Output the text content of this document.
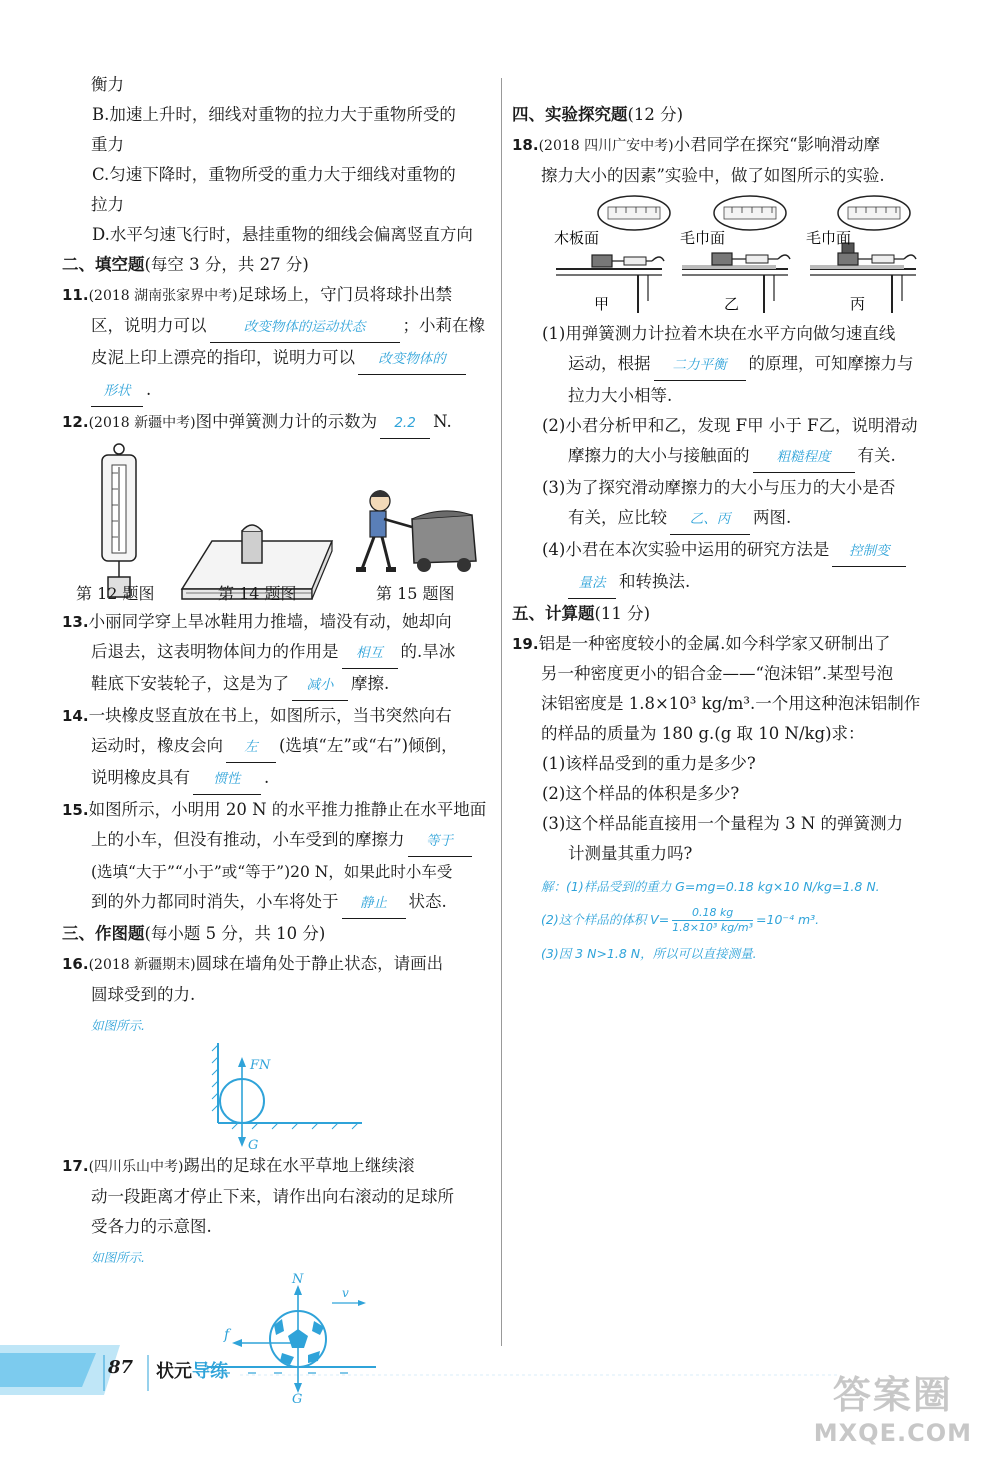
衡力
B.加速上升时，细线对重物的拉力大于重物所受的
重力
C.匀速下降时，重物所受的重力大于细线对重物的
拉力
D.水平匀速飞行时，悬挂重物的细线会偏离竖直方向
二、填空题(每空 3 分，共 27 分)
11.(2018 湖南张家界中考)足球场上，守门员将球扑出禁
区，说明力可以	改变物体的运动状态 ；小莉在橡
皮泥上印上漂亮的指印，说明力可以 改变物体的
形状 .
12.(2018 新疆中考)图中弹簧测力计的示数为 2.2 N.
第 12 题图	第 14 题图	第 15 题图
13.小丽同学穿上旱冰鞋用力推墙，墙没有动，她却向
后退去，这表明物体间力的作用是 相互 的.旱冰
鞋底下安装轮子，这是为了 减小 摩擦.
14.一块橡皮竖直放在书上，如图所示，当书突然向右
运动时，橡皮会向 左 (选填“左”或“右”)倾倒，
说明橡皮具有 惯性 .
15.如图所示，小明用 20 N 的水平推力推静止在水平地面
上的小车，但没有推动，小车受到的摩擦力 等于
(选填“大于”“小于”或“等于”)20 N，如果此时小车受
到的外力都同时消失，小车将处于 静止 状态.
三、作图题(每小题 5 分，共 10 分)
16.(2018 新疆期末)圆球在墙角处于静止状态，请画出
圆球受到的力.
如图所示.
FN
G
17.(四川乐山中考)踢出的足球在水平草地上继续滚
动一段距离才停止下来，请作出向右滚动的足球所
受各力的示意图.
如图所示.
N
v
f
G
四、实验探究题(12 分)
18.(2018 四川广安中考)小君同学在探究“影响滑动摩
擦力大小的因素”实验中，做了如图所示的实验.
木板面	毛巾面	毛巾面
甲	乙	丙
(1)用弹簧测力计拉着木块在水平方向做匀速直线
运动，根据 二力平衡 的原理，可知摩擦力与
拉力大小相等.
(2)小君分析甲和乙，发现 F甲 小于 F乙，说明滑动
摩擦力的大小与接触面的 粗糙程度 有关.
(3)为了探究滑动摩擦力的大小与压力的大小是否
有关，应比较 乙、丙 两图.
(4)小君在本次实验中运用的研究方法是 控制变
量法 和转换法.
五、计算题(11 分)
19.铝是一种密度较小的金属.如今科学家又研制出了
另一种密度更小的铝合金——“泡沫铝”.某型号泡
沫铝密度是 1.8×10³ kg/m³.一个用这种泡沫铝制作
的样品的质量为 180 g.(g 取 10 N/kg)求：
(1)该样品受到的重力是多少?
(2)这个样品的体积是多少?
(3)这个样品能直接用一个量程为 3 N 的弹簧测力
计测量其重力吗?
解：(1)样品受到的重力 G=mg=0.18 kg×10 N/kg=1.8 N.
(2)这个样品的体积 V= 0.18 kg
1.8×10³ kg/m³ =10⁻⁴ m³.
(3)因 3 N>1.8 N，所以可以直接测量.
87 状元导练
答案圈
MXQE.COM
